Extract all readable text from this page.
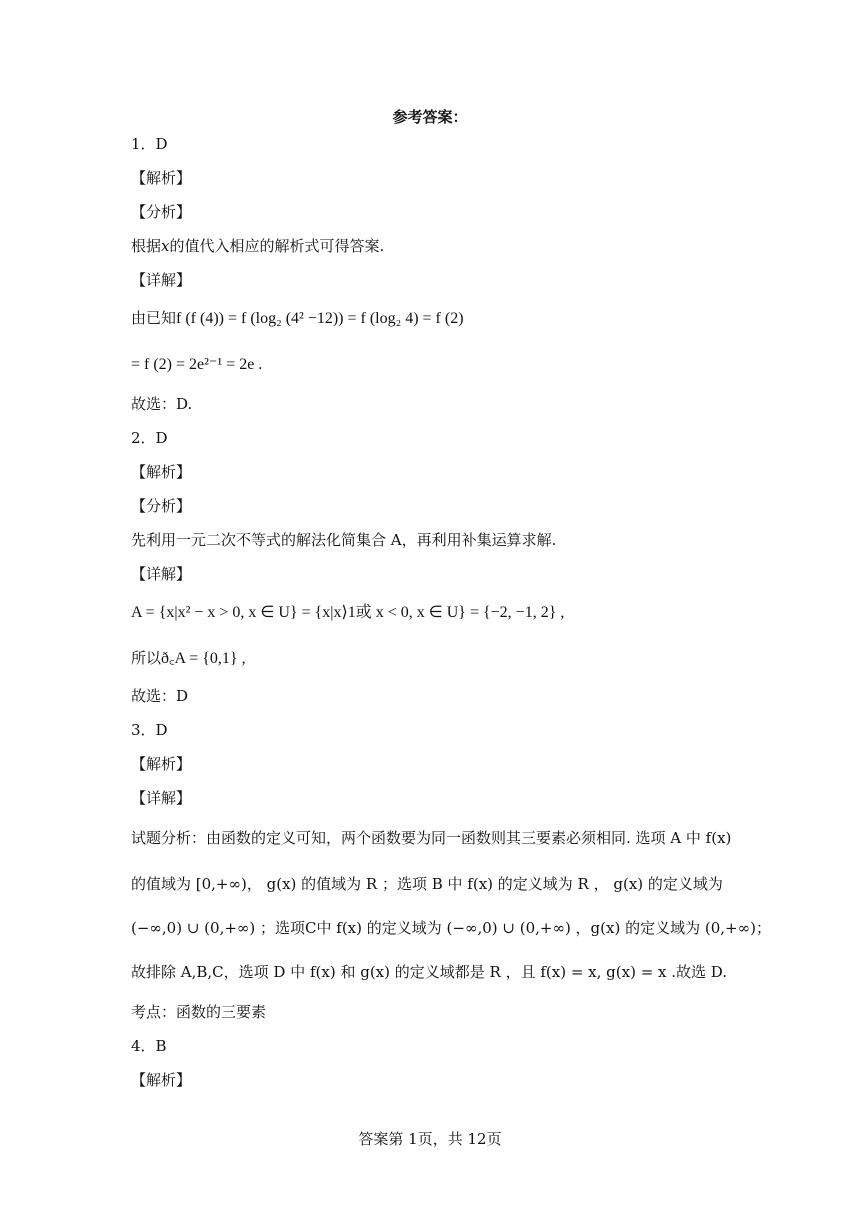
参考答案：
1．D
【解析】
【分析】
根据x的值代入相应的解析式可得答案.
【详解】
由已知f (f (4)) = f (log₂ (4² −12)) = f (log₂ 4) = f (2)
= f (2) = 2e²⁻¹ = 2e .
故选：D.
2．D
【解析】
【分析】
先利用一元二次不等式的解法化简集合 A，再利用补集运算求解.
【详解】
A = {x|x² − x > 0, x ∈ U} = {x|x⟩1或 x < 0, x ∈ U} = {−2, −1, 2} ,
所以ð꜀A = {0,1} ,
故选：D
3．D
【解析】
【详解】
试题分析：由函数的定义可知，两个函数要为同一函数则其三要素必须相同. 选项 A 中 f(x)
的值域为 [0,+∞)， g(x) 的值域为 R ；选项 B 中 f(x) 的定义域为 R ， g(x) 的定义域为
(−∞,0) ∪ (0,+∞) ；选项C中 f(x) 的定义域为 (−∞,0) ∪ (0,+∞) ，g(x) 的定义域为 (0,+∞)；
故排除 A,B,C，选项 D 中 f(x) 和 g(x) 的定义域都是 R ，且 f(x) = x, g(x) = x .故选 D.
考点：函数的三要素
4．B
【解析】
答案第 1页，共 12页
